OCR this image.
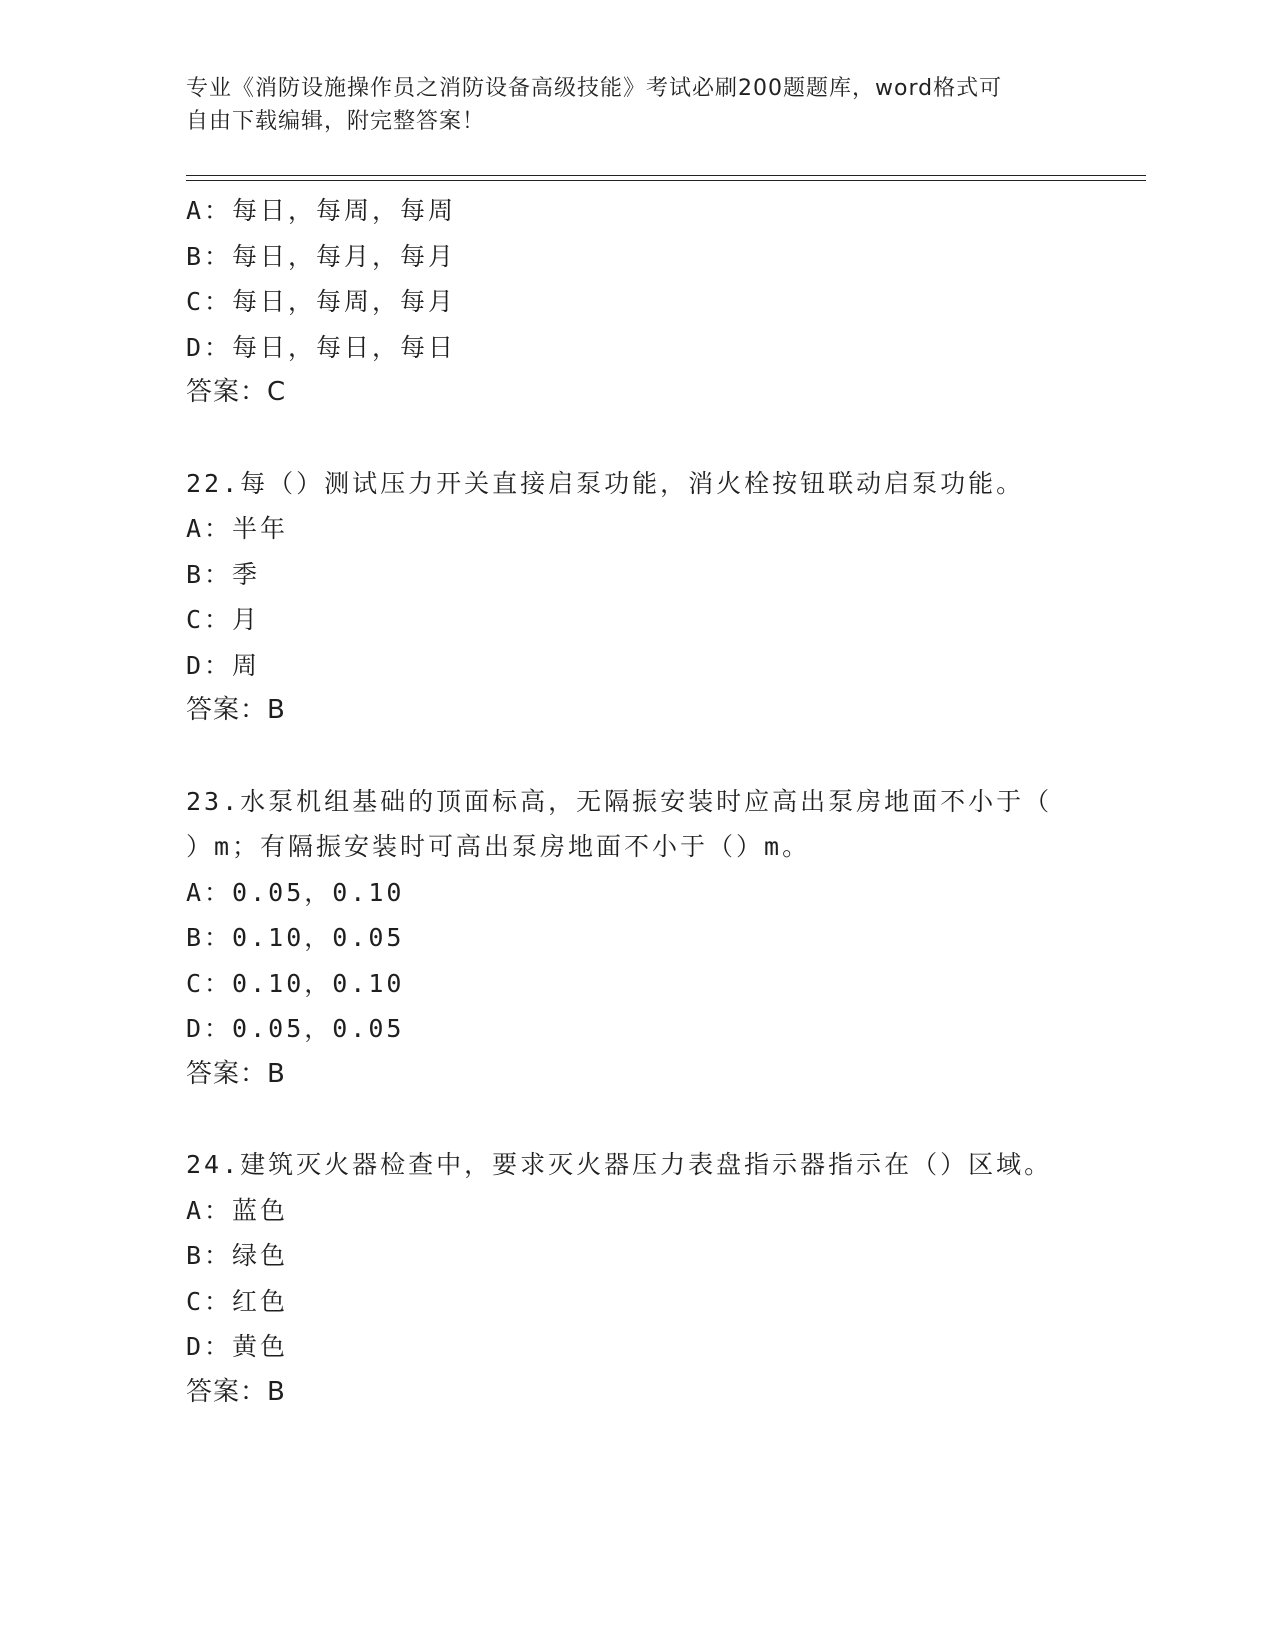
专业《消防设施操作员之消防设备高级技能》考试必刷200题题库，word格式可
自由下载编辑，附完整答案！
A：每日，每周，每周
B：每日，每月，每月
C：每日，每周，每月
D：每日，每日，每日
答案：C
22.每（）测试压力开关直接启泵功能，消火栓按钮联动启泵功能。
A：半年
B：季
C：月
D：周
答案：B
23.水泵机组基础的顶面标高，无隔振安装时应高出泵房地面不小于（
）m；有隔振安装时可高出泵房地面不小于（）m。
A：0.05，0.10
B：0.10，0.05
C：0.10，0.10
D：0.05，0.05
答案：B
24.建筑灭火器检查中，要求灭火器压力表盘指示器指示在（）区域。
A：蓝色
B：绿色
C：红色
D：黄色
答案：B
